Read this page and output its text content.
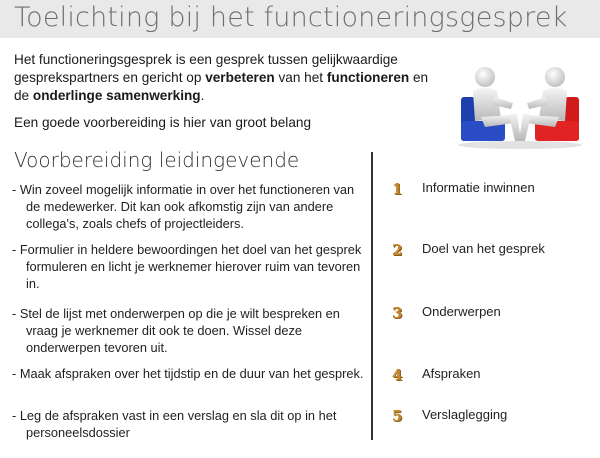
Toelichting bij het functioneringsgesprek
Het functioneringsgesprek is een gesprek tussen gelijkwaardige gesprekspartners en gericht op verbeteren van het functioneren en de onderlinge samenwerking.
Een goede voorbereiding is hier van groot belang
Voorbereiding leidingevende
- Win zoveel mogelijk informatie in over het functioneren van de medewerker. Dit kan ook afkomstig zijn van andere collega's, zoals chefs of projectleiders.
- Formulier in heldere bewoordingen het doel van het gesprek formuleren en licht je werknemer hierover ruim van tevoren in.
- Stel de lijst met onderwerpen op die je wilt bespreken en vraag je werknemer dit ook te doen. Wissel deze onderwerpen tevoren uit.
- Maak afspraken over het tijdstip en de duur van het gesprek.
- Leg de afspraken vast in een verslag en sla dit op in het personeelsdossier
1 Informatie inwinnen
2 Doel van het gesprek
3 Onderwerpen
4 Afspraken
5 Verslaglegging
